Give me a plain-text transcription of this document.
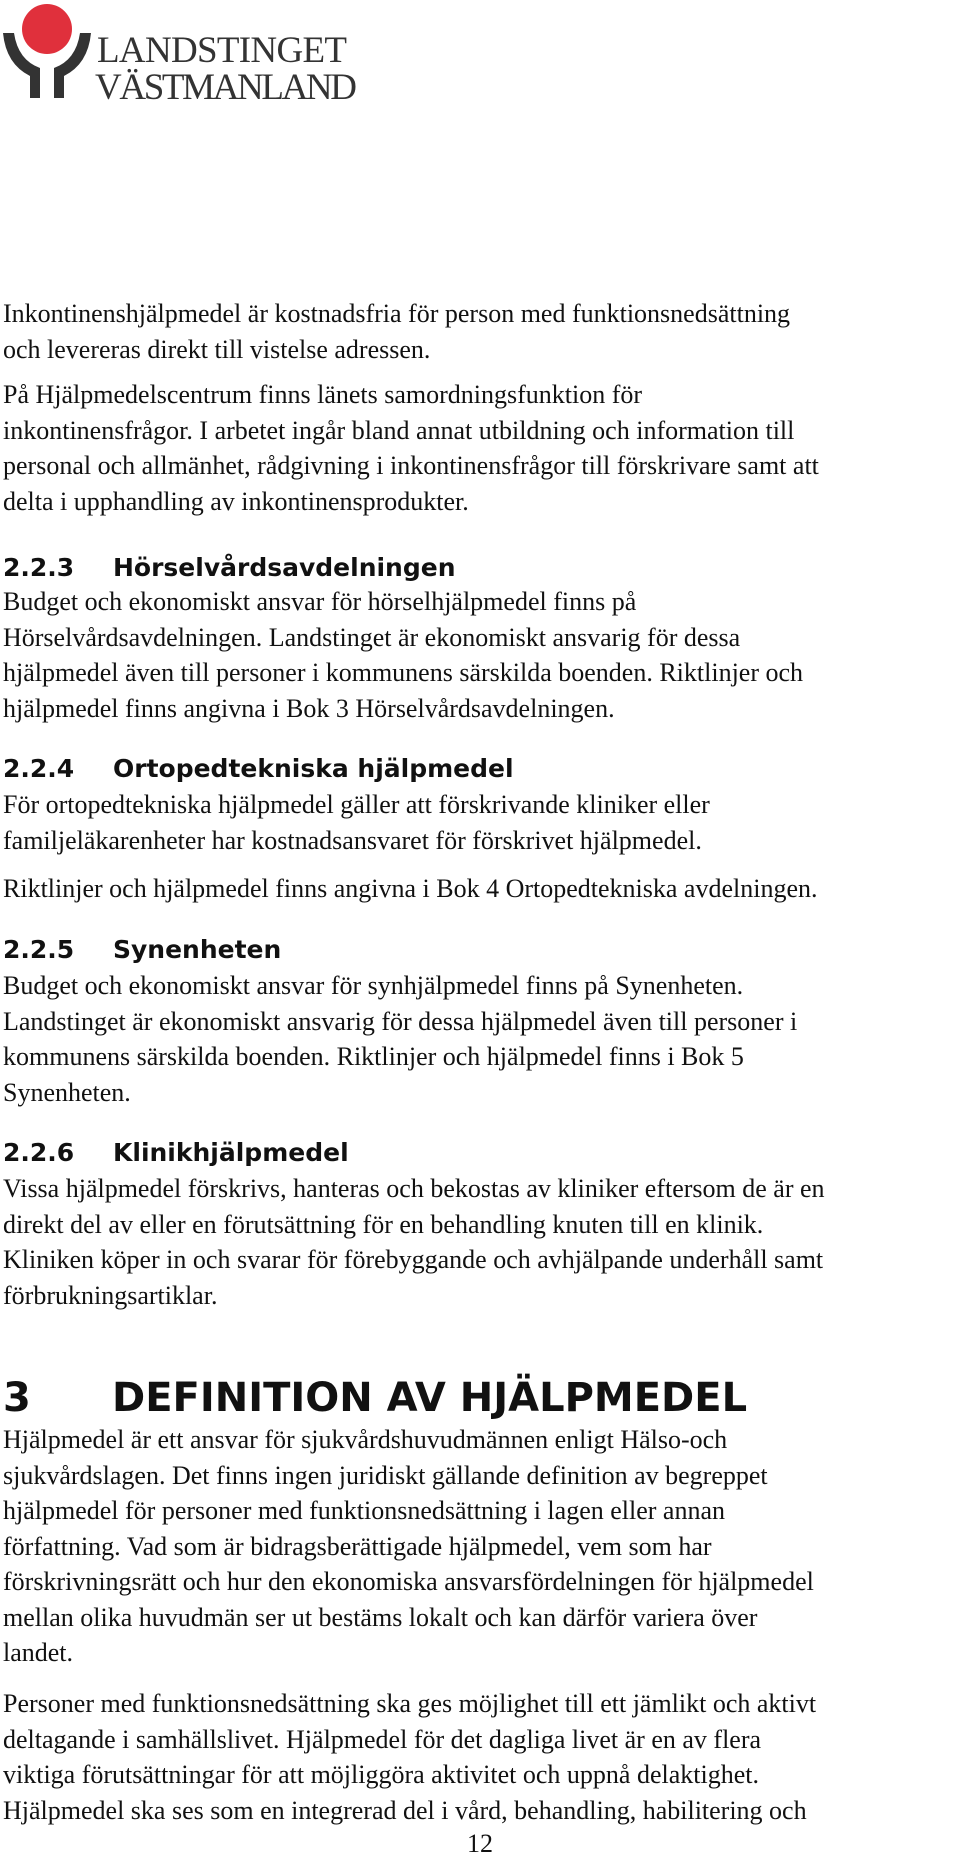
LANDSTINGET
VÄSTMANLAND
Inkontinenshjälpmedel är kostnadsfria för person med funktionsnedsättning
och levereras direkt till vistelse adressen.
På Hjälpmedelscentrum finns länets samordningsfunktion för
inkontinensfrågor. I arbetet ingår bland annat utbildning och information till
personal och allmänhet, rådgivning i inkontinensfrågor till förskrivare samt att
delta i upphandling av inkontinensprodukter.
2.2.3 Hörselvårdsavdelningen
Budget och ekonomiskt ansvar för hörselhjälpmedel finns på
Hörselvårdsavdelningen. Landstinget är ekonomiskt ansvarig för dessa
hjälpmedel även till personer i kommunens särskilda boenden. Riktlinjer och
hjälpmedel finns angivna i Bok 3 Hörselvårdsavdelningen.
2.2.4 Ortopedtekniska hjälpmedel
För ortopedtekniska hjälpmedel gäller att förskrivande kliniker eller
familjeläkarenheter har kostnadsansvaret för förskrivet hjälpmedel.
Riktlinjer och hjälpmedel finns angivna i Bok 4 Ortopedtekniska avdelningen.
2.2.5 Synenheten
Budget och ekonomiskt ansvar för synhjälpmedel finns på Synenheten.
Landstinget är ekonomiskt ansvarig för dessa hjälpmedel även till personer i
kommunens särskilda boenden. Riktlinjer och hjälpmedel finns i Bok 5
Synenheten.
2.2.6 Klinikhjälpmedel
Vissa hjälpmedel förskrivs, hanteras och bekostas av kliniker eftersom de är en
direkt del av eller en förutsättning för en behandling knuten till en klinik.
Kliniken köper in och svarar för förebyggande och avhjälpande underhåll samt
förbrukningsartiklar.
3 DEFINITION AV HJÄLPMEDEL
Hjälpmedel är ett ansvar för sjukvårdshuvudmännen enligt Hälso-och
sjukvårdslagen. Det finns ingen juridiskt gällande definition av begreppet
hjälpmedel för personer med funktionsnedsättning i lagen eller annan
författning. Vad som är bidragsberättigade hjälpmedel, vem som har
förskrivningsrätt och hur den ekonomiska ansvarsfördelningen för hjälpmedel
mellan olika huvudmän ser ut bestäms lokalt och kan därför variera över
landet.
Personer med funktionsnedsättning ska ges möjlighet till ett jämlikt och aktivt
deltagande i samhällslivet. Hjälpmedel för det dagliga livet är en av flera
viktiga förutsättningar för att möjliggöra aktivitet och uppnå delaktighet.
Hjälpmedel ska ses som en integrerad del i vård, behandling, habilitering och
12
